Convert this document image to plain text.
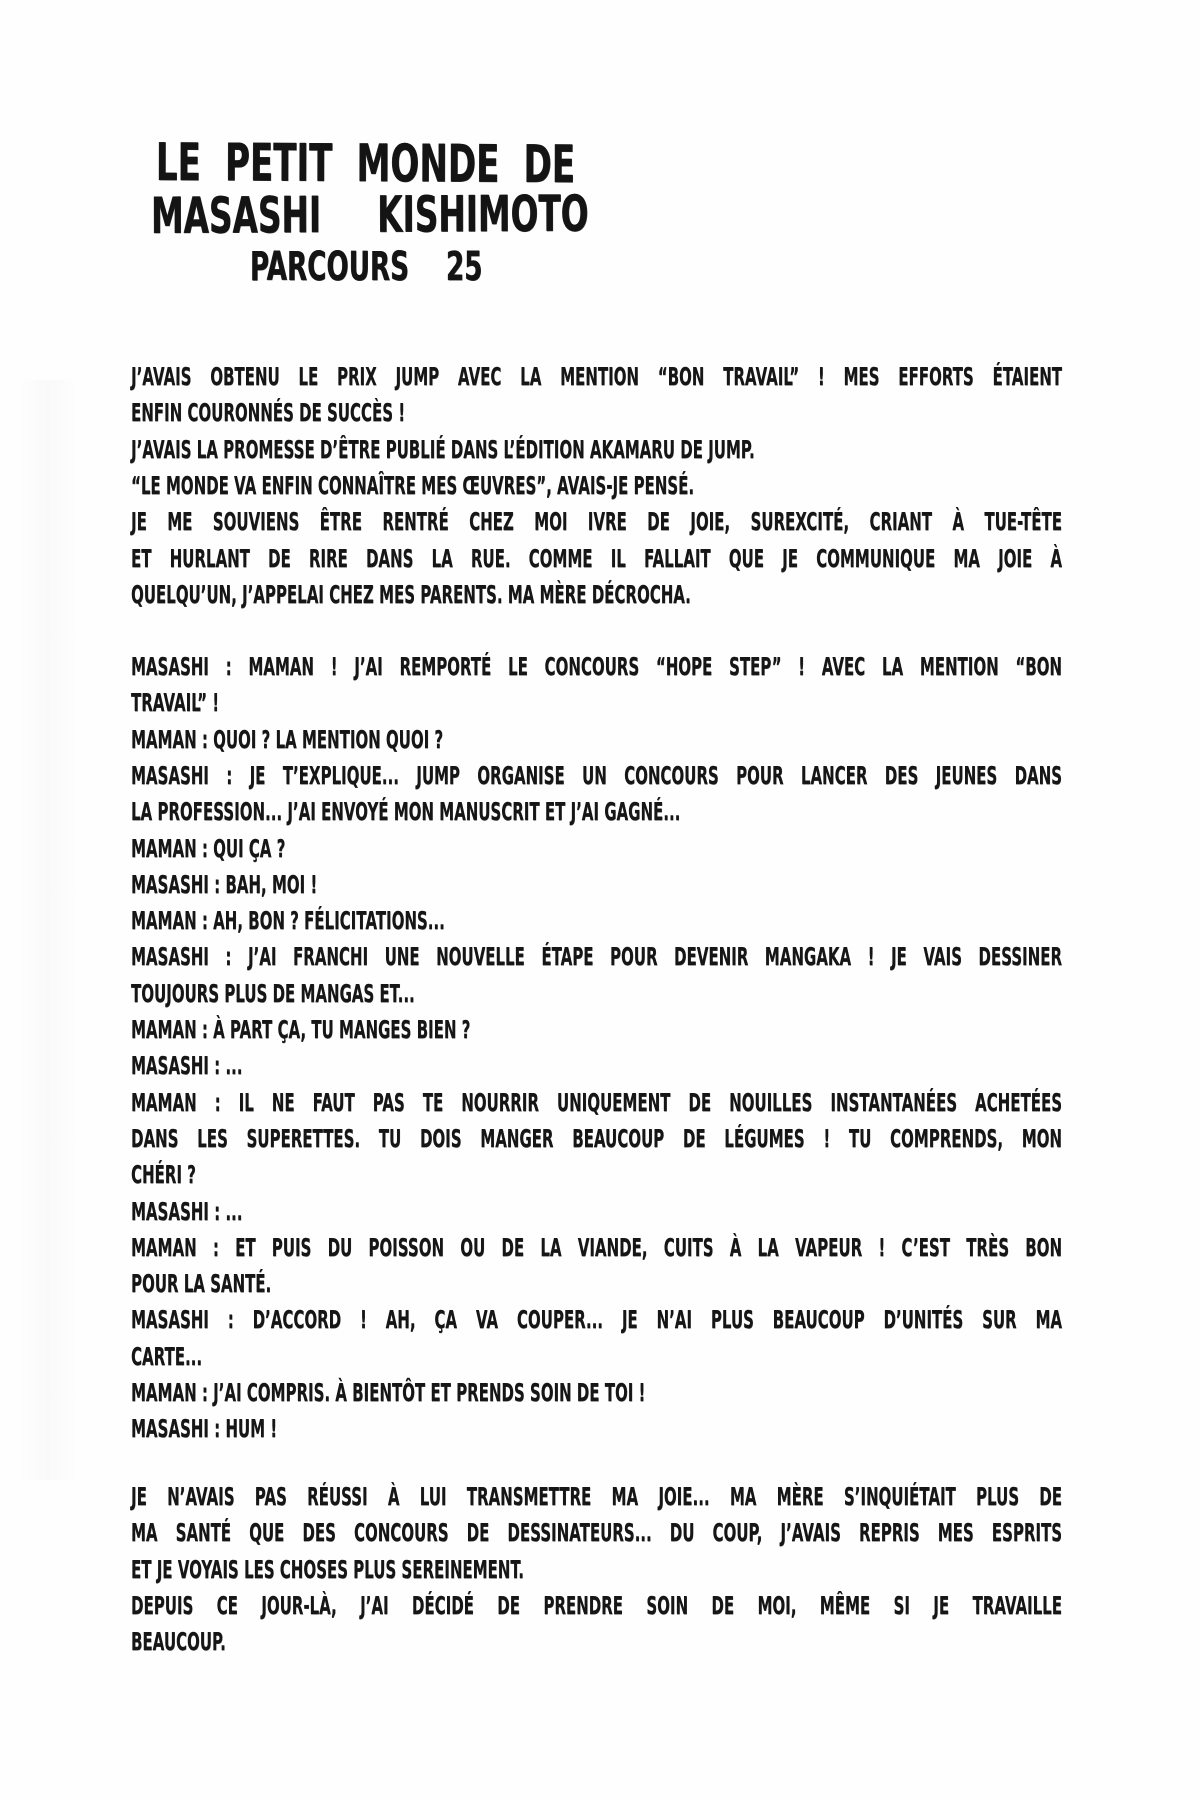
LE PETIT MONDE DE
MASASHI KISHIMOTO
PARCOURS 25
J’AVAIS OBTENU LE PRIX JUMP AVEC LA MENTION “BON TRAVAIL” ! MES EFFORTS ÉTAIENT
ENFIN COURONNÉS DE SUCCÈS !
J’AVAIS LA PROMESSE D’ÊTRE PUBLIÉ DANS L’ÉDITION AKAMARU DE JUMP.
“LE MONDE VA ENFIN CONNAÎTRE MES ŒUVRES”, AVAIS-JE PENSÉ.
JE ME SOUVIENS ÊTRE RENTRÉ CHEZ MOI IVRE DE JOIE, SUREXCITÉ, CRIANT À TUE-TÊTE
ET HURLANT DE RIRE DANS LA RUE. COMME IL FALLAIT QUE JE COMMUNIQUE MA JOIE À
QUELQU’UN, J’APPELAI CHEZ MES PARENTS. MA MÈRE DÉCROCHA.
MASASHI : MAMAN ! J’AI REMPORTÉ LE CONCOURS “HOPE STEP” ! AVEC LA MENTION “BON
TRAVAIL” !
MAMAN : QUOI ? LA MENTION QUOI ?
MASASHI : JE T’EXPLIQUE... JUMP ORGANISE UN CONCOURS POUR LANCER DES JEUNES DANS
LA PROFESSION... J’AI ENVOYÉ MON MANUSCRIT ET J’AI GAGNÉ...
MAMAN : QUI ÇA ?
MASASHI : BAH, MOI !
MAMAN : AH, BON ? FÉLICITATIONS...
MASASHI : J’AI FRANCHI UNE NOUVELLE ÉTAPE POUR DEVENIR MANGAKA ! JE VAIS DESSINER
TOUJOURS PLUS DE MANGAS ET...
MAMAN : À PART ÇA, TU MANGES BIEN ?
MASASHI : ...
MAMAN : IL NE FAUT PAS TE NOURRIR UNIQUEMENT DE NOUILLES INSTANTANÉES ACHETÉES
DANS LES SUPERETTES. TU DOIS MANGER BEAUCOUP DE LÉGUMES ! TU COMPRENDS, MON
CHÉRI ?
MASASHI : ...
MAMAN : ET PUIS DU POISSON OU DE LA VIANDE, CUITS À LA VAPEUR ! C’EST TRÈS BON
POUR LA SANTÉ.
MASASHI : D’ACCORD ! AH, ÇA VA COUPER... JE N’AI PLUS BEAUCOUP D’UNITÉS SUR MA
CARTE...
MAMAN : J’AI COMPRIS. À BIENTÔT ET PRENDS SOIN DE TOI !
MASASHI : HUM !
JE N’AVAIS PAS RÉUSSI À LUI TRANSMETTRE MA JOIE... MA MÈRE S’INQUIÉTAIT PLUS DE
MA SANTÉ QUE DES CONCOURS DE DESSINATEURS... DU COUP, J’AVAIS REPRIS MES ESPRITS
ET JE VOYAIS LES CHOSES PLUS SEREINEMENT.
DEPUIS CE JOUR-LÀ, J’AI DÉCIDÉ DE PRENDRE SOIN DE MOI, MÊME SI JE TRAVAILLE
BEAUCOUP.
